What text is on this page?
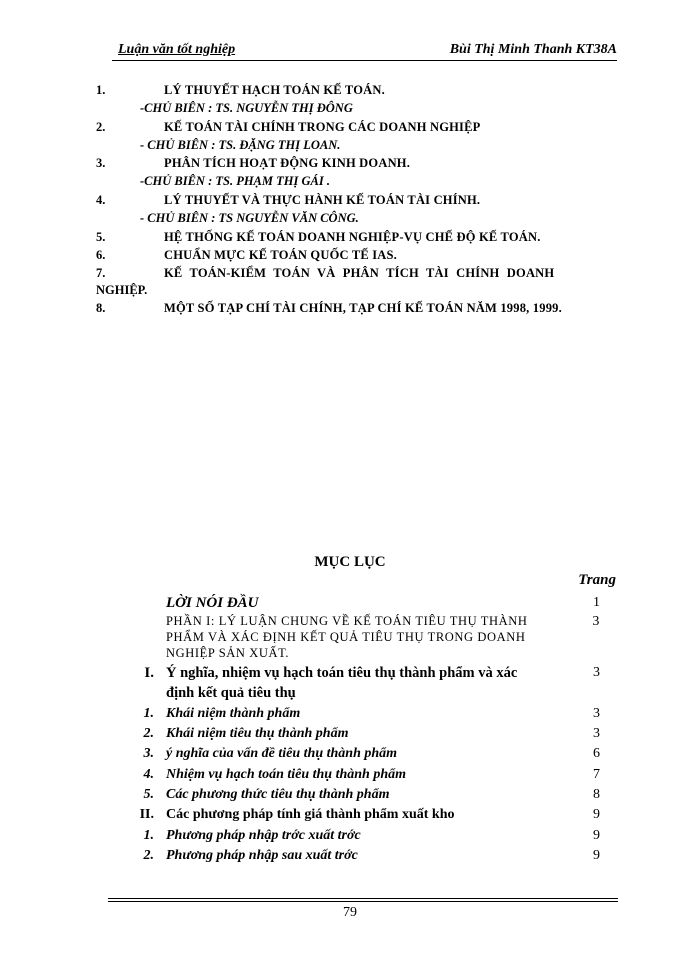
Luận văn tốt nghiệp	Bùi Thị Minh Thanh KT38A
1.	LÝ THUYẾT HẠCH TOÁN KẾ TOÁN.
-CHỦ BIÊN : TS. NGUYỄN THỊ ĐÔNG
2.	KẾ TOÁN TÀI CHÍNH TRONG CÁC DOANH NGHIỆP
- CHỦ BIÊN : TS. ĐẶNG THỊ LOAN.
3.	PHÂN TÍCH HOẠT ĐỘNG KINH DOANH.
-CHỦ BIÊN : TS. PHẠM THỊ GÁI .
4.	LÝ THUYẾT VÀ THỰC HÀNH KẾ TOÁN TÀI CHÍNH.
- CHỦ BIÊN : TS NGUYỄN VĂN CÔNG.
5.	HỆ THỐNG KẾ TOÁN DOANH NGHIỆP-VỤ CHẾ ĐỘ KẾ TOÁN.
6.	CHUẨN MỰC KẾ TOÁN QUỐC TẾ IAS.
7.	KẾ TOÁN-KIỂM TOÁN VÀ PHÂN TÍCH TÀI CHÍNH DOANH
NGHIỆP.
8.	MỘT SỐ TẠP CHÍ TÀI CHÍNH, TẠP CHÍ KẾ TOÁN NĂM 1998, 1999.
MỤC LỤC
Trang
LỜI NÓI ĐẦU	1
PHẦN I: LÝ LUẬN CHUNG VỀ KẾ TOÁN TIÊU THỤ THÀNH
PHẨM VÀ XÁC ĐỊNH KẾT QUẢ TIÊU THỤ TRONG DOANH
NGHIỆP SẢN XUẤT.
3
I. Ý nghĩa, nhiệm vụ hạch toán tiêu thụ thành phẩm và xác
định kết quả tiêu thụ
3
1. Khái niệm thành phẩm	3
2. Khái niệm tiêu thụ thành phẩm	3
3. ý nghĩa của vấn đề tiêu thụ thành phẩm	6
4. Nhiệm vụ hạch toán tiêu thụ thành phẩm	7
5. Các phương thức tiêu thụ thành phẩm	8
II. Các phương pháp tính giá thành phẩm xuất kho	9
1. Phương pháp nhập trớc xuất trớc	9
2. Phương pháp nhập sau xuất trớc	9
79
